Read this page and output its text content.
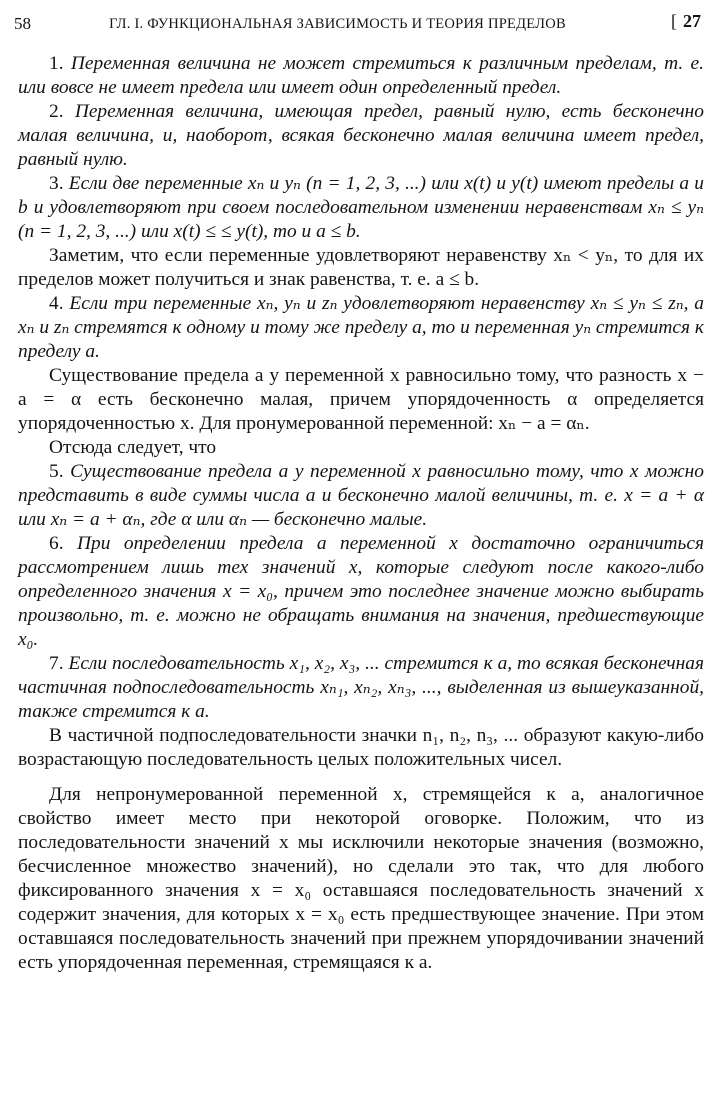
58	ГЛ. I. ФУНКЦИОНАЛЬНАЯ ЗАВИСИМОСТЬ И ТЕОРИЯ ПРЕДЕЛОВ	[ 27

1. Переменная величина не может стремиться к различным пределам, т. е. или вовсе не имеет предела или имеет один определенный предел.

2. Переменная величина, имеющая предел, равный нулю, есть бесконечно малая величина, и, наоборот, всякая бесконечно малая величина имеет предел, равный нулю.

3. Если две переменные xₙ и yₙ (n = 1, 2, 3, ...) или x(t) и y(t) имеют пределы a и b и удовлетворяют при своем последовательном изменении неравенствам xₙ ≤ yₙ (n = 1, 2, 3, ...) или x(t) ≤ ≤ y(t), то и a ≤ b.

Заметим, что если переменные удовлетворяют неравенству xₙ < yₙ, то для их пределов может получиться и знак равенства, т. е. a ≤ b.

4. Если три переменные xₙ, yₙ и zₙ удовлетворяют неравенству xₙ ≤ yₙ ≤ zₙ, а xₙ и zₙ стремятся к одному и тому же пределу a, то и переменная yₙ стремится к пределу a.

Существование предела a у переменной x равносильно тому, что разность x − a = α есть бесконечно малая, причем упорядоченность α определяется упорядоченностью x. Для пронумерованной переменной: xₙ − a = αₙ.

Отсюда следует, что

5. Существование предела a у переменной x равносильно тому, что x можно представить в виде суммы числа a и бесконечно малой величины, т. е. x = a + α или xₙ = a + αₙ, где α или αₙ — бесконечно малые.

6. При определении предела a переменной x достаточно ограничиться рассмотрением лишь тех значений x, которые следуют после какого-либо определенного значения x = x₀, причем это последнее значение можно выбирать произвольно, т. е. можно не обращать внимания на значения, предшествующие x₀.

7. Если последовательность x₁, x₂, x₃, ... стремится к a, то всякая бесконечная частичная подпоследовательность xₙ₁, xₙ₂, xₙ₃, ..., выделенная из вышеуказанной, также стремится к a.

В частичной подпоследовательности значки n₁, n₂, n₃, ... образуют какую-либо возрастающую последовательность целых положительных чисел.

Для непронумерованной переменной x, стремящейся к a, аналогичное свойство имеет место при некоторой оговорке. Положим, что из последовательности значений x мы исключили некоторые значения (возможно, бесчисленное множество значений), но сделали это так, что для любого фиксированного значения x = x₀ оставшаяся последовательность значений x содержит значения, для которых x = x₀ есть предшествующее значение. При этом оставшаяся последовательность значений при прежнем упорядочивании значений есть упорядоченная переменная, стремящаяся к a.
